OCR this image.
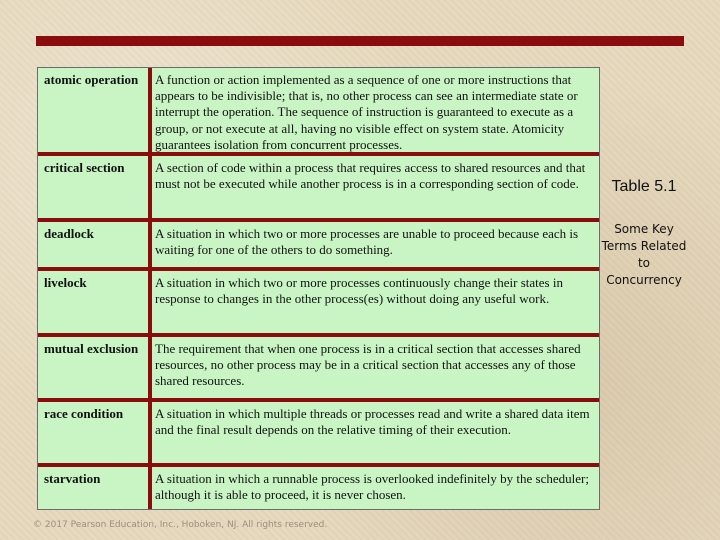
atomic operation	A function or action implemented as a sequence of one or more instructions that appears to be indivisible; that is, no other process can see an intermediate state or interrupt the operation. The sequence of instruction is guaranteed to execute as a group, or not execute at all, having no visible effect on system state. Atomicity guarantees isolation from concurrent processes.
critical section	A section of code within a process that requires access to shared resources and that must not be executed while another process is in a corresponding section of code.
deadlock	A situation in which two or more processes are unable to proceed because each is waiting for one of the others to do something.
livelock	A situation in which two or more processes continuously change their states in response to changes in the other process(es) without doing any useful work.
mutual exclusion	The requirement that when one process is in a critical section that accesses shared resources, no other process may be in a critical section that accesses any of those shared resources.
race condition	A situation in which multiple threads or processes read and write a shared data item and the final result depends on the relative timing of their execution.
starvation	A situation in which a runnable process is overlooked indefinitely by the scheduler; although it is able to proceed, it is never chosen.
Table 5.1
Some Key Terms Related to Concurrency
© 2017 Pearson Education, Inc., Hoboken, NJ. All rights reserved.
